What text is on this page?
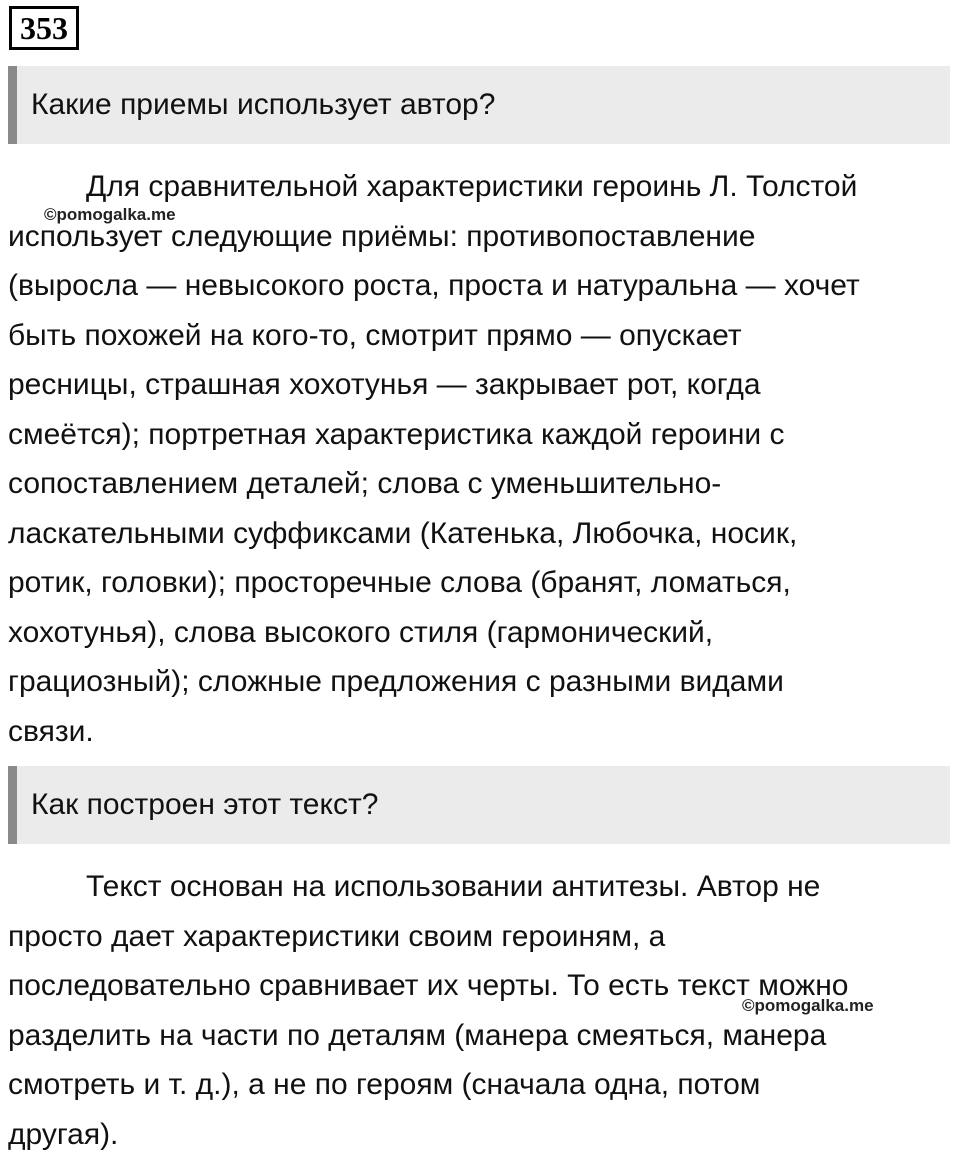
353
Какие приемы использует автор?
Для сравнительной характеристики героинь Л. Толстой
использует следующие приёмы: противопоставление
(выросла — невысокого роста, проста и натуральна — хочет
быть похожей на кого-то, смотрит прямо — опускает
ресницы, страшная хохотунья — закрывает рот, когда
смеётся); портретная характеристика каждой героини с
сопоставлением деталей; слова с уменьшительно-
ласкательными суффиксами (Катенька, Любочка, носик,
ротик, головки); просторечные слова (бранят, ломаться,
хохотунья), слова высокого стиля (гармонический,
грациозный); сложные предложения с разными видами
связи.
©pomogalka.me
Как построен этот текст?
Текст основан на использовании антитезы. Автор не
просто дает характеристики своим героиням, а
последовательно сравнивает их черты. То есть текст можно
разделить на части по деталям (манера смеяться, манера
смотреть и т. д.), а не по героям (сначала одна, потом
другая).
©pomogalka.me
